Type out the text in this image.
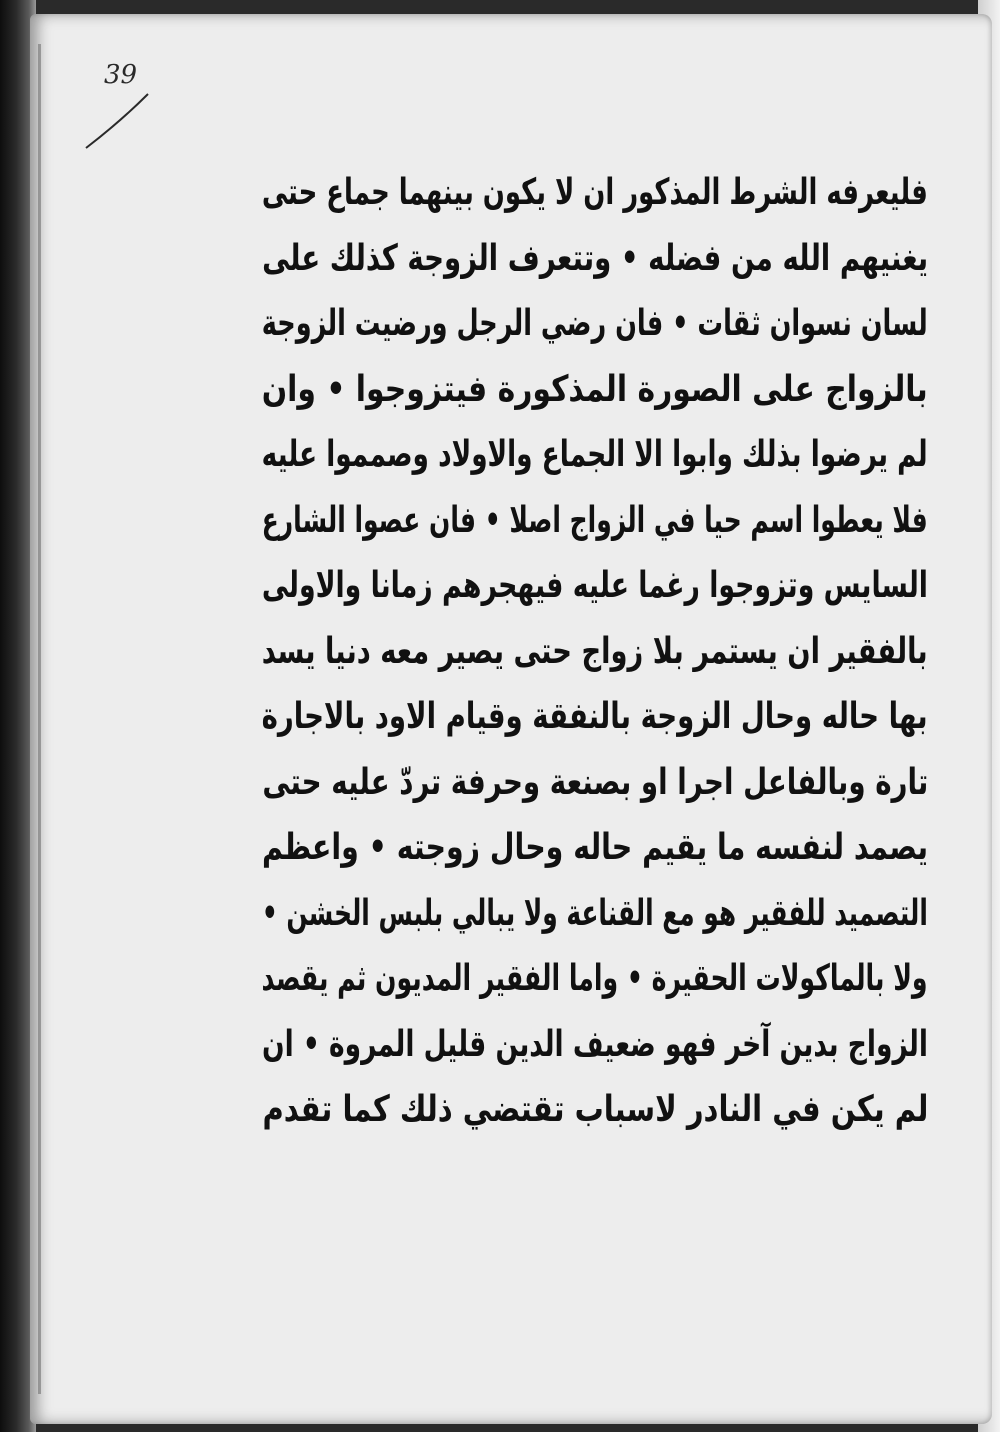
39
فليعرفه الشرط المذكور ان لا يكون بينهما جماع حتى
يغنيهم الله من فضله • وتتعرف الزوجة كذلك على
لسان نسوان ثقات • فان رضي الرجل ورضيت الزوجة
بالزواج على الصورة المذكورة فيتزوجوا • وان
لم يرضوا بذلك وابوا الا الجماع والاولاد وصمموا عليه
فلا يعطوا اسم حيا في الزواج اصلا • فان عصوا الشارع
السايس وتزوجوا رغما عليه فيهجرهم زمانا والاولى
بالفقير ان يستمر بلا زواج حتى يصير معه دنيا يسد
بها حاله وحال الزوجة بالنفقة وقيام الاود بالاجارة
تارة وبالفاعل اجرا او بصنعة وحرفة تردّ عليه حتى
يصمد لنفسه ما يقيم حاله وحال زوجته • واعظم
التصميد للفقير هو مع القناعة ولا يبالي بلبس الخشن •
ولا بالماكولات الحقيرة • واما الفقير المديون ثم يقصد
الزواج بدين آخر فهو ضعيف الدين قليل المروة • ان
لم يكن في النادر لاسباب تقتضي ذلك كما تقدم
